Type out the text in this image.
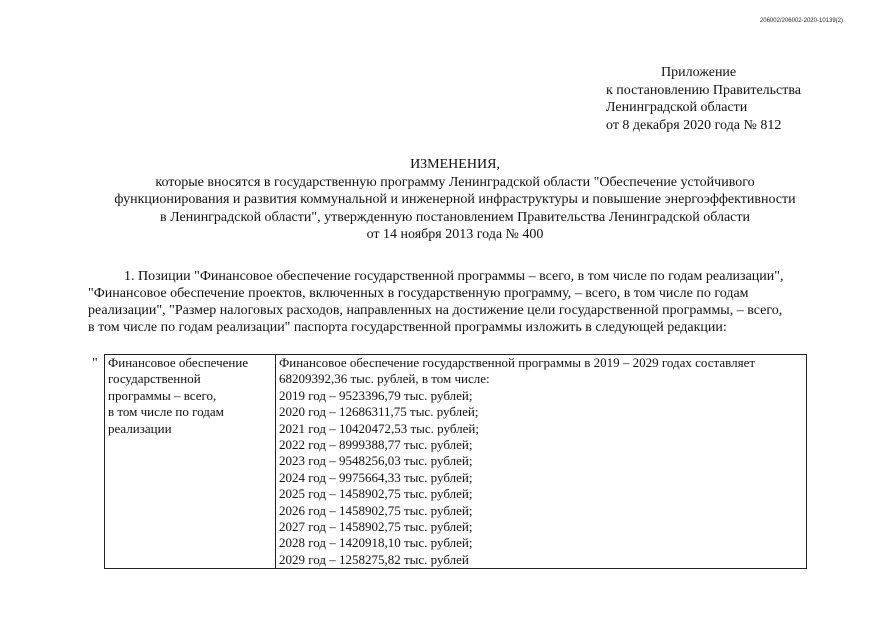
206002/206002-2020-10139(2)
Приложение
к постановлению Правительства
Ленинградской области
от 8 декабря 2020 года № 812
ИЗМЕНЕНИЯ,
которые вносятся в государственную программу Ленинградской области "Обеспечение устойчивого
функционирования и развития коммунальной и инженерной инфраструктуры и повышение энергоэффективности
в Ленинградской области", утвержденную постановлением Правительства Ленинградской области
от 14 ноября 2013 года № 400
1. Позиции "Финансовое обеспечение государственной программы – всего, в том числе по годам реализации",
"Финансовое обеспечение проектов, включенных в государственную программу, – всего, в том числе по годам
реализации", "Размер налоговых расходов, направленных на достижение цели государственной программы, – всего,
в том числе по годам реализации" паспорта государственной программы изложить в следующей редакции:
" Финансовое обеспечение
государственной
программы – всего,
в том числе по годам
реализации

Финансовое обеспечение государственной программы в 2019 – 2029 годах составляет
68209392,36 тыс. рублей, в том числе:
2019 год – 9523396,79 тыс. рублей;
2020 год – 12686311,75 тыс. рублей;
2021 год – 10420472,53 тыс. рублей;
2022 год – 8999388,77 тыс. рублей;
2023 год – 9548256,03 тыс. рублей;
2024 год – 9975664,33 тыс. рублей;
2025 год – 1458902,75 тыс. рублей;
2026 год – 1458902,75 тыс. рублей;
2027 год – 1458902,75 тыс. рублей;
2028 год – 1420918,10 тыс. рублей;
2029 год – 1258275,82 тыс. рублей
